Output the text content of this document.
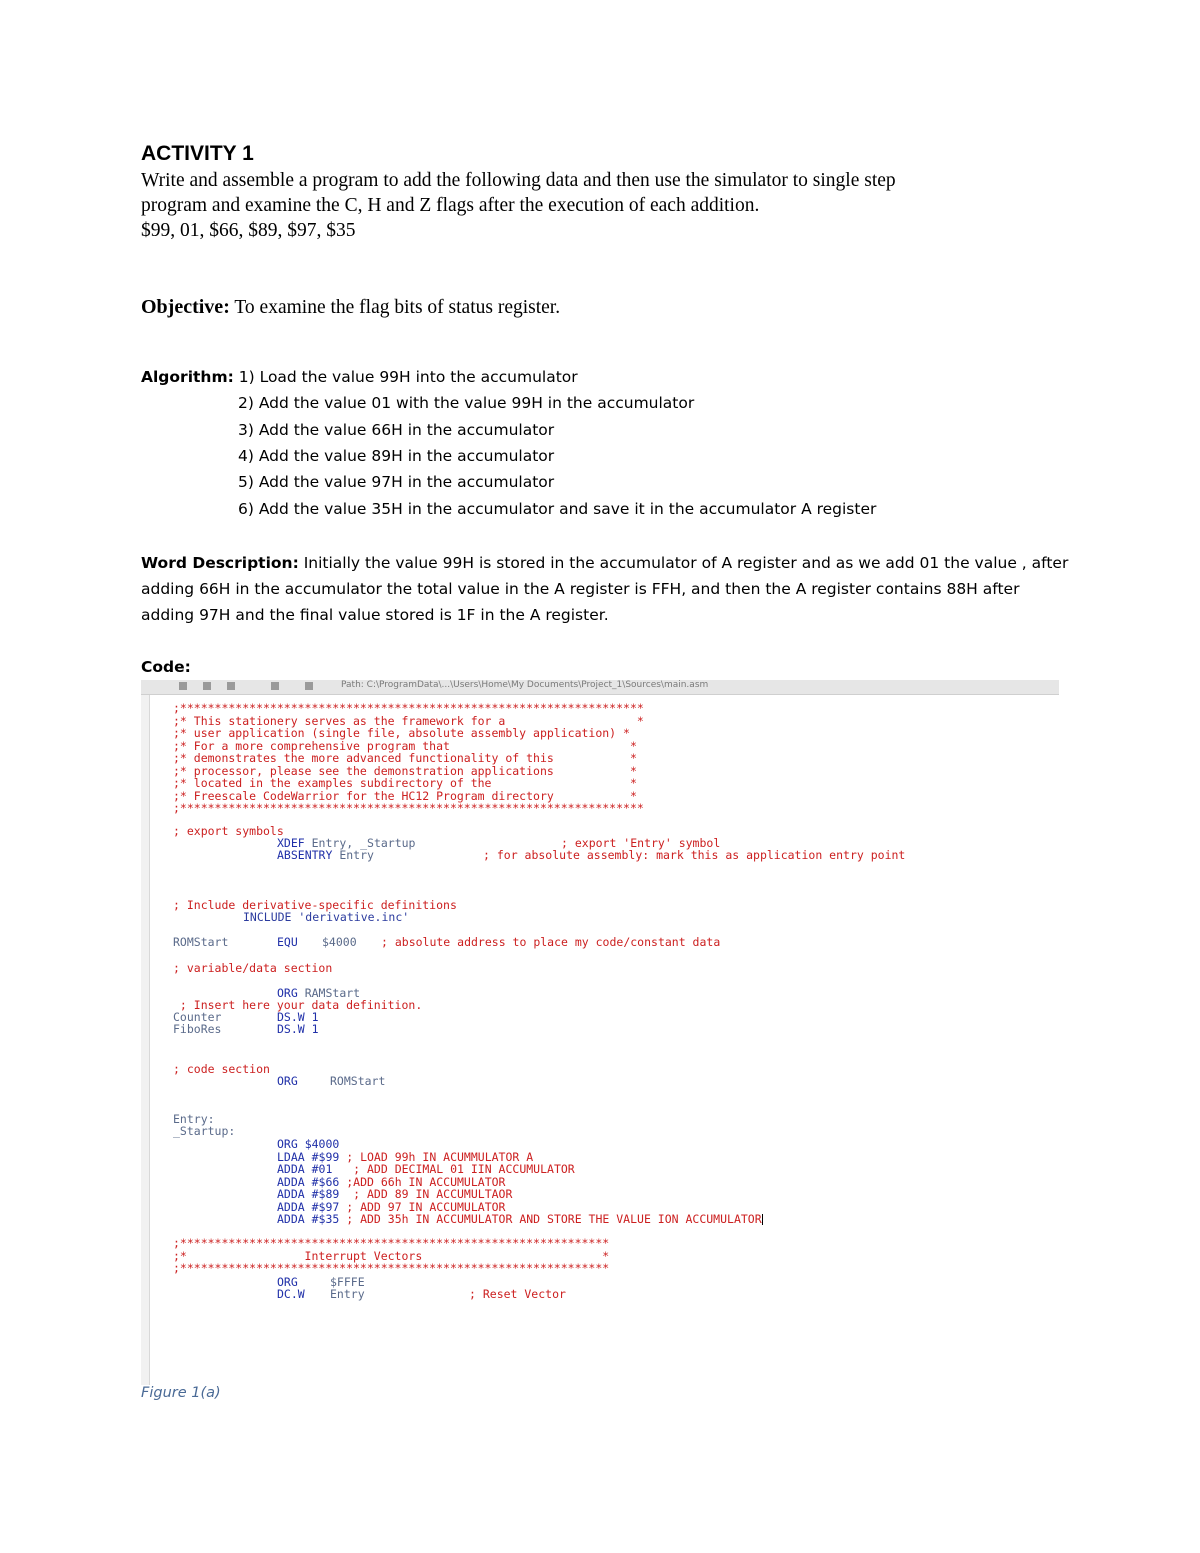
ACTIVITY 1
Write and assemble a program to add the following data and then use the simulator to single step
program and examine the C, H and Z flags after the execution of each addition.
$99, 01, $66, $89, $97, $35
Objective: To examine the flag bits of status register.
Algorithm: 1) Load the value 99H into the accumulator
2) Add the value 01 with the value 99H in the accumulator
3) Add the value 66H in the accumulator
4) Add the value 89H in the accumulator
5) Add the value 97H in the accumulator
6) Add the value 35H in the accumulator and save it in the accumulator A register
Word Description: Initially the value 99H is stored in the accumulator of A register and as we add 01 the value , after adding 66H in the accumulator the total value in the A register is FFH, and then the A register contains 88H after adding 97H and the final value stored is 1F in the A register.
Code:
Path: C:\ProgramData\...\Users\Home\My Documents\Project_1\Sources\main.asm
;*******************************************************************
;* This stationery serves as the framework for a                   *
;* user application (single file, absolute assembly application) *
;* For a more comprehensive program that                          *
;* demonstrates the more advanced functionality of this           *
;* processor, please see the demonstration applications           *
;* located in the examples subdirectory of the                    *
;* Freescale CodeWarrior for the HC12 Program directory           *
;*******************************************************************
; export symbols
XDEF Entry, _Startup	; export 'Entry' symbol
ABSENTRY Entry	; for absolute assembly: mark this as application entry point
; Include derivative-specific definitions
INCLUDE 'derivative.inc'
ROMStart	EQU $4000 ; absolute address to place my code/constant data
; variable/data section
ORG RAMStart
; Insert here your data definition.
Counter	DS.W 1
FiboRes	DS.W 1
; code section
ORG	ROMStart
Entry:
_Startup:
ORG $4000
LDAA #$99 ; LOAD 99h IN ACUMMULATOR A
ADDA #01   ; ADD DECIMAL 01 IIN ACCUMULATOR
ADDA #$66 ;ADD 66h IN ACCUMULATOR
ADDA #$89  ; ADD 89 IN ACCUMULTAOR
ADDA #$97 ; ADD 97 IN ACCUMULATOR
ADDA #$35 ; ADD 35h IN ACCUMULATOR AND STORE THE VALUE ION ACCUMULATOR
;**************************************************************
;*                 Interrupt Vectors                          *
;**************************************************************
ORG	$FFFE
DC.W Entry	; Reset Vector
Figure 1(a)
